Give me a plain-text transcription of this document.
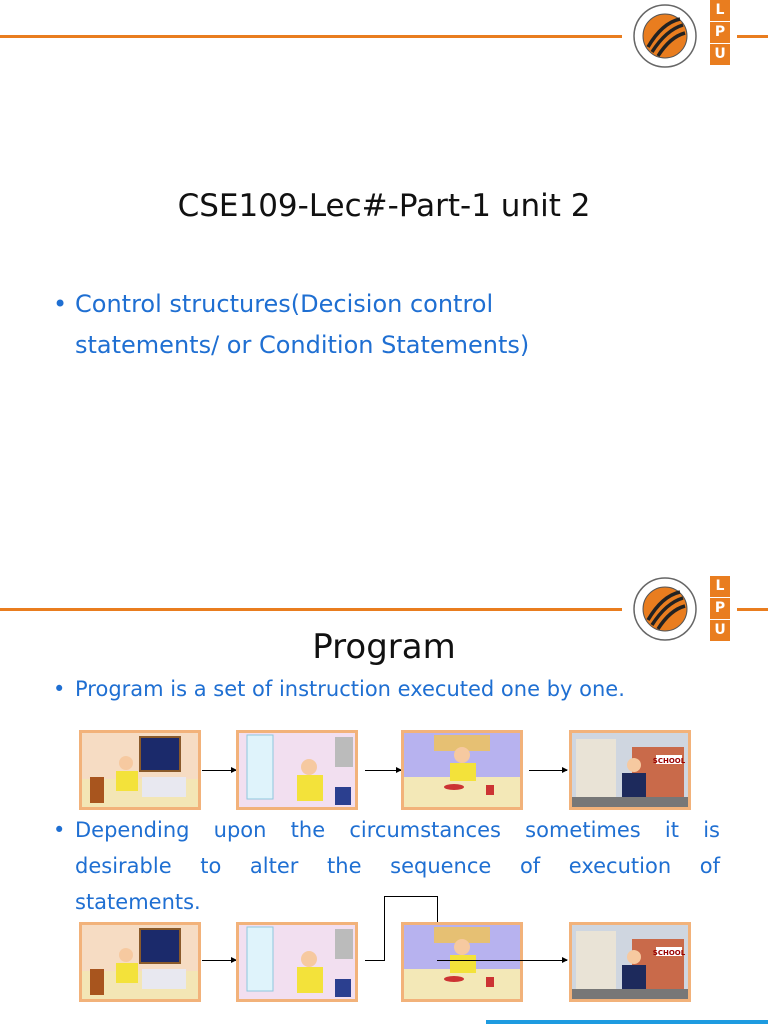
L
P
U
CSE109-Lec#-Part-1 unit 2
• Control structures(Decision control
statements/ or Condition Statements)
L
P
U
Program
• Program is a set of instruction executed one by one.
SCHOOL
• Depending upon the circumstances sometimes it is
desirable to alter the sequence of execution of
statements.
SCHOOL
